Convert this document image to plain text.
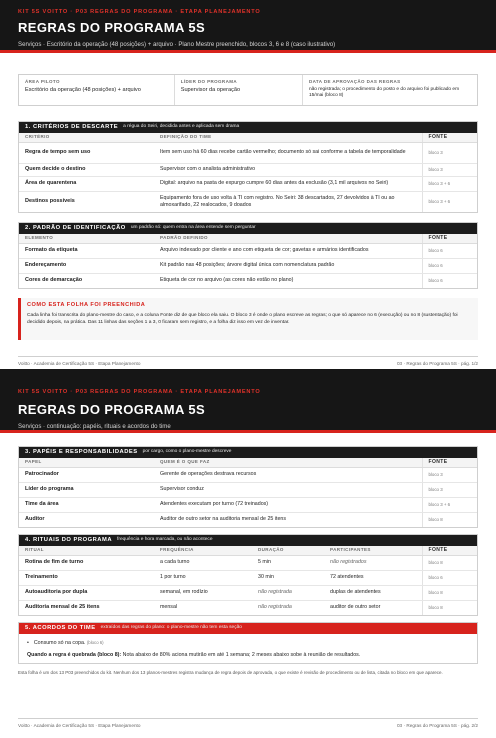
KIT 5S VOITTO · P03 REGRAS DO PROGRAMA · ETAPA PLANEJAMENTO
REGRAS DO PROGRAMA 5S
Serviços · Escritório da operação (48 posições) + arquivo · Plano Mestre preenchido, blocos 3, 6 e 8 (caso ilustrativo)
ÁREA PILOTO
Escritório da operação (48 posições) + arquivo
LÍDER DO PROGRAMA
Supervisor da operação
DATA DE APROVAÇÃO DAS REGRAS
não registrada; o procedimento do posto e do arquivo foi publicado em 15/mai (bloco 8)
1. CRITÉRIOS DE DESCARTE a régua do Seiri, decidida antes e aplicada sem drama
CRITÉRIO	DEFINIÇÃO DO TIME	FONTE
Regra de tempo sem uso	Item sem uso há 60 dias recebe cartão vermelho; documento só sai conforme a tabela de temporalidade	bloco 3
Quem decide o destino	Supervisor com o analista administrativo	bloco 3
Área de quarentena	Digital: arquivo na pasta de expurgo cumpre 60 dias antes da exclusão (3,1 mil arquivos no Seiri)	bloco 3 + 6
Destinos possíveis	Equipamento fora de uso volta à TI com registro. No Seiri: 38 descartados, 27 devolvidos à TI ou ao almoxarifado, 22 realocados, 9 doados	bloco 3 + 6
2. PADRÃO DE IDENTIFICAÇÃO um padrão só: quem entra na área entende sem perguntar
ELEMENTO	PADRÃO DEFINIDO	FONTE
Formato da etiqueta	Arquivo indexado por cliente e ano com etiqueta de cor; gavetas e armários identificados	bloco 6
Endereçamento	Kit padrão nas 48 posições; árvore digital única com nomenclatura padrão	bloco 6
Cores de demarcação	Etiqueta de cor no arquivo (as cores não estão no plano)	bloco 6
COMO ESTA FOLHA FOI PREENCHIDA
Cada linha foi transcrita do plano-mestre do caso, e a coluna Fonte diz de que bloco ela saiu. O bloco 3 é onde o plano escreve as regras; o que só aparece no 6 (execução) ou no 8 (sustentação) foi decidido depois, na prática. Das 11 linhas das seções 1 a 3, 0 ficaram sem registro, e a folha diz isso em vez de inventar.
Voitto · Academia de Certificação 5S · Etapa Planejamento	03 · Regras do Programa 5S · pág. 1/2
KIT 5S VOITTO · P03 REGRAS DO PROGRAMA · ETAPA PLANEJAMENTO
REGRAS DO PROGRAMA 5S
Serviços · continuação: papéis, rituais e acordos do time
3. PAPÉIS E RESPONSABILIDADES por cargo, como o plano-mestre descreve
PAPEL	QUEM É O QUE FAZ	FONTE
Patrocinador	Gerente de operações destrava recursos	bloco 3
Líder do programa	Supervisor conduz	bloco 3
Time da área	Atendentes executam por turno (72 treinados)	bloco 3 + 6
Auditor	Auditor de outro setor na auditoria mensal de 25 itens	bloco 8
4. RITUAIS DO PROGRAMA frequência e hora marcada, ou não acontece
RITUAL	FREQUÊNCIA	DURAÇÃO	PARTICIPANTES	FONTE
Rotina de fim de turno	a cada turno	5 min	não registrados	bloco 8
Treinamento	1 por turno	30 min	72 atendentes	bloco 6
Autoauditoria por dupla	semanal, em rodízio	não registrada	duplas de atendentes	bloco 8
Auditoria mensal de 25 itens	mensal	não registrada	auditor de outro setor	bloco 8
5. ACORDOS DO TIME extraídos das regras do plano: o plano-mestre não tem esta seção
• Consumo só na copa.
(bloco 6)
Quando a regra é quebrada (bloco 8): Nota abaixo de 80% aciona mutirão em até 1 semana; 2 meses abaixo sobe à reunião de resultados.
Esta folha é um dos 13 P03 preenchidos do kit. Nenhum dos 13 planos-mestres registra mudança de regra depois de aprovada, o que existe é revisão de procedimento ou de lista, citada no bloco em que aparece.
Voitto · Academia de Certificação 5S · Etapa Planejamento	03 · Regras do Programa 5S · pág. 2/2
